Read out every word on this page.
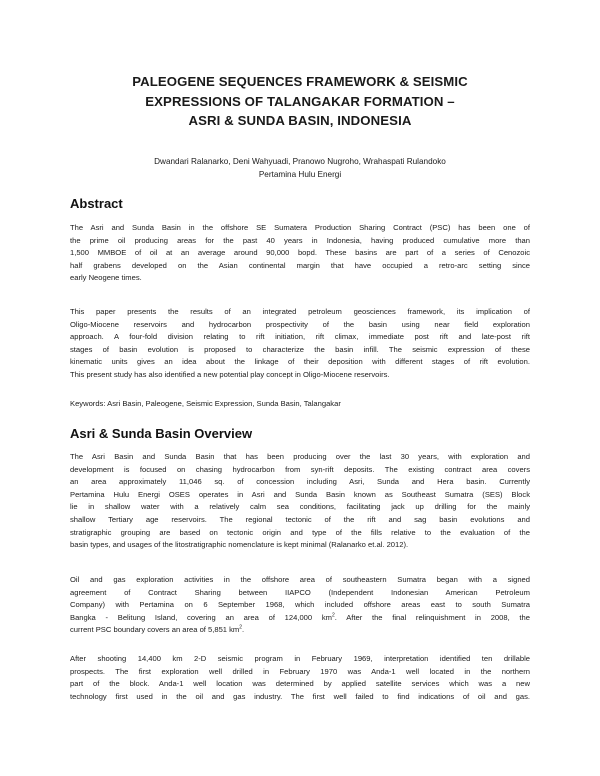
PALEOGENE SEQUENCES FRAMEWORK & SEISMIC
EXPRESSIONS OF TALANGAKAR FORMATION –
ASRI & SUNDA BASIN, INDONESIA
Dwandari Ralanarko, Deni Wahyuadi, Pranowo Nugroho, Wrahaspati Rulandoko
Pertamina Hulu Energi
Abstract
The Asri and Sunda Basin in the offshore SE Sumatera Production Sharing Contract (PSC) has been one of
the prime oil producing areas for the past 40 years in Indonesia, having produced cumulative more than
1,500 MMBOE of oil at an average around 90,000 bopd. These basins are part of a series of Cenozoic
half grabens developed on the Asian continental margin that have occupied a retro-arc setting since
early Neogene times.
This paper presents the results of an integrated petroleum geosciences framework, its implication of
Oligo-Miocene reservoirs and hydrocarbon prospectivity of the basin using near field exploration
approach. A four-fold division relating to rift initiation, rift climax, immediate post rift and late-post rift
stages of basin evolution is proposed to characterize the basin infill. The seismic expression of these
kinematic units gives an idea about the linkage of their deposition with different stages of rift evolution.
This present study has also identified a new potential play concept in Oligo-Miocene reservoirs.
Keywords: Asri Basin, Paleogene, Seismic Expression, Sunda Basin, Talangakar
Asri & Sunda Basin Overview
The Asri Basin and Sunda Basin that has been producing over the last 30 years, with exploration and
development is focused on chasing hydrocarbon from syn-rift deposits. The existing contract area covers
an area approximately 11,046 sq. of concession including Asri, Sunda and Hera basin. Currently
Pertamina Hulu Energi OSES operates in Asri and Sunda Basin known as Southeast Sumatra (SES) Block
lie in shallow water with a relatively calm sea conditions, facilitating jack up drilling for the mainly
shallow Tertiary age reservoirs. The regional tectonic of the rift and sag basin evolutions and
stratigraphic grouping are based on tectonic origin and type of the fills relative to the evaluation of the
basin types, and usages of the litostratigraphic nomenclature is kept minimal (Ralanarko et.al. 2012).
Oil and gas exploration activities in the offshore area of southeastern Sumatra began with a signed
agreement of Contract Sharing between IIAPCO (Independent Indonesian American Petroleum
Company) with Pertamina on 6 September 1968, which included offshore areas east to south Sumatra
Bangka - Belitung Island, covering an area of 124,000 $km^2$. After the final relinquishment in 2008, the
current PSC boundary covers an area of 5,851 $km^2$.
After shooting 14,400 km 2-D seismic program in February 1969, interpretation identified ten drillable
prospects. The first exploration well drilled in February 1970 was Anda-1 well located in the northern
part of the block. Anda-1 well location was determined by applied satellite services which was a new
technology first used in the oil and gas industry. The first well failed to find indications of oil and gas.
